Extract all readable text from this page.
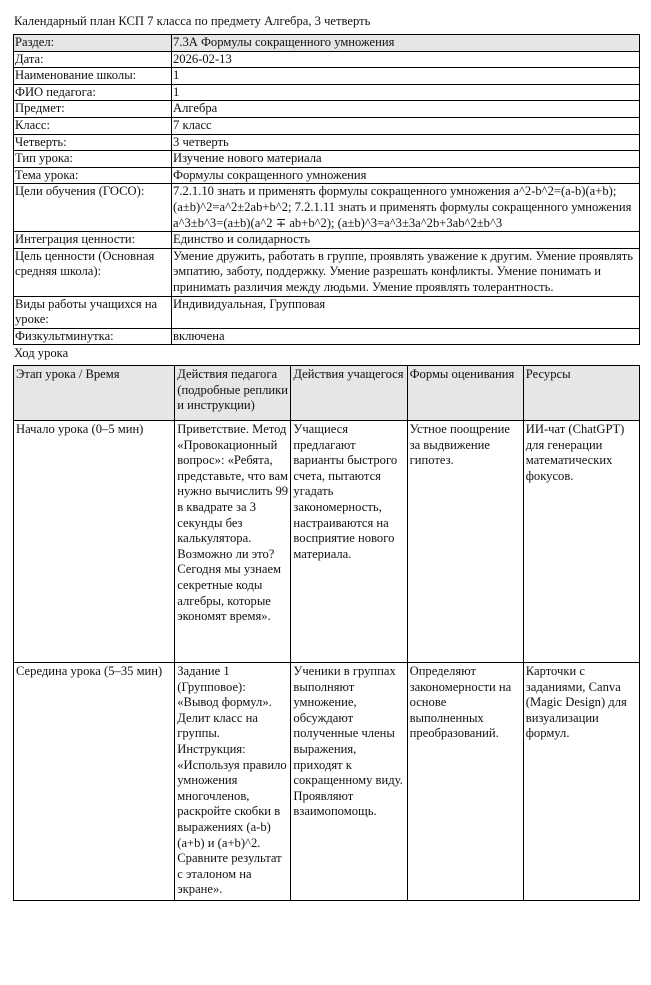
Календарный план КСП 7 класса по предмету Алгебра, 3 четверть
Раздел:	7.3А Формулы сокращенного умножения
Дата:	2026-02-13
Наименование школы:	1
ФИО педагога:	1
Предмет:	Алгебра
Класс:	7 класс
Четверть:	3 четверть
Тип урока:	Изучение нового материала
Тема урока:	Формулы сокращенного умножения
Цели обучения (ГОСО):	7.2.1.10 знать и применять формулы сокращенного умножения a^2-b^2=(a-b)(a+b); (a±b)^2=a^2±2ab+b^2; 7.2.1.11 знать и применять формулы сокращенного умножения a^3±b^3=(a±b)(a^2 ∓ ab+b^2); (a±b)^3=a^3±3a^2b+3ab^2±b^3
Интеграция ценности:	Единство и солидарность
Цель ценности (Основная средняя школа):	Умение дружить, работать в группе, проявлять уважение к другим. Умение проявлять эмпатию, заботу, поддержку. Умение разрешать конфликты. Умение понимать и принимать различия между людьми. Умение проявлять толерантность.
Виды работы учащихся на уроке:	Индивидуальная, Групповая
Физкультминутка:	включена
Ход урока
Этап урока / Время	Действия педагога (подробные реплики и инструкции)	Действия учащегося	Формы оценивания	Ресурсы
Начало урока (0–5 мин)	Приветствие. Метод «Провокационный вопрос»: «Ребята, представьте, что вам нужно вычислить 99 в квадрате за 3 секунды без калькулятора. Возможно ли это? Сегодня мы узнаем секретные коды алгебры, которые экономят время».	Учащиеся предлагают варианты быстрого счета, пытаются угадать закономерность, настраиваются на восприятие нового материала.	Устное поощрение за выдвижение гипотез.	ИИ-чат (ChatGPT) для генерации математических фокусов.
Середина урока (5–35 мин)	Задание 1 (Групповое): «Вывод формул». Делит класс на группы. Инструкция: «Используя правило умножения многочленов, раскройте скобки в выражениях (a-b)(a+b) и (a+b)^2. Сравните результат с эталоном на экране».	Ученики в группах выполняют умножение, обсуждают полученные члены выражения, приходят к сокращенному виду. Проявляют взаимопомощь.	Определяют закономерности на основе выполненных преобразований.	Карточки с заданиями, Canva (Magic Design) для визуализации формул.
